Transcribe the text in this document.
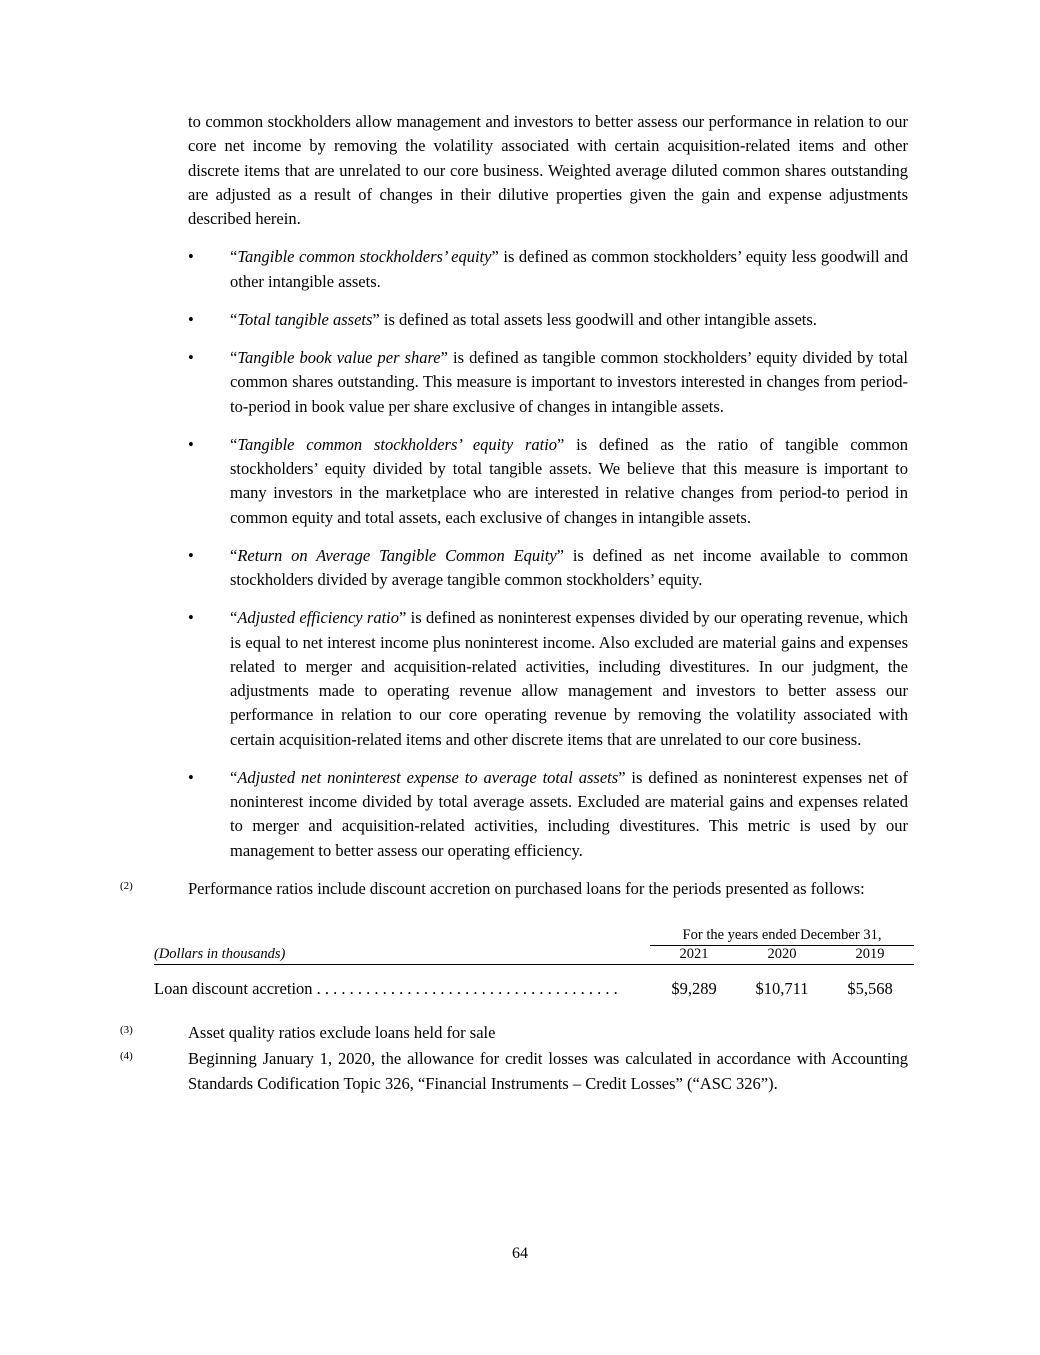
to common stockholders allow management and investors to better assess our performance in relation to our core net income by removing the volatility associated with certain acquisition-related items and other discrete items that are unrelated to our core business. Weighted average diluted common shares outstanding are adjusted as a result of changes in their dilutive properties given the gain and expense adjustments described herein.

• “Tangible common stockholders’ equity” is defined as common stockholders’ equity less goodwill and other intangible assets.
• “Total tangible assets” is defined as total assets less goodwill and other intangible assets.
• “Tangible book value per share” is defined as tangible common stockholders’ equity divided by total common shares outstanding. This measure is important to investors interested in changes from period-to-period in book value per share exclusive of changes in intangible assets.
• “Tangible common stockholders’ equity ratio” is defined as the ratio of tangible common stockholders’ equity divided by total tangible assets. We believe that this measure is important to many investors in the marketplace who are interested in relative changes from period-to period in common equity and total assets, each exclusive of changes in intangible assets.
• “Return on Average Tangible Common Equity” is defined as net income available to common stockholders divided by average tangible common stockholders’ equity.
• “Adjusted efficiency ratio” is defined as noninterest expenses divided by our operating revenue, which is equal to net interest income plus noninterest income. Also excluded are material gains and expenses related to merger and acquisition-related activities, including divestitures. In our judgment, the adjustments made to operating revenue allow management and investors to better assess our performance in relation to our core operating revenue by removing the volatility associated with certain acquisition-related items and other discrete items that are unrelated to our core business.
• “Adjusted net noninterest expense to average total assets” is defined as noninterest expenses net of noninterest income divided by total average assets. Excluded are material gains and expenses related to merger and acquisition-related activities, including divestitures. This metric is used by our management to better assess our operating efficiency.
(2)	Performance ratios include discount accretion on purchased loans for the periods presented as follows:
	For the years ended December 31,		
(Dollars in thousands)	2021	2020	2019

Loan discount accretion . . . . . . . . . . . . . . . . . . . . . . . . . . . . . . . . . . . . .	$9,289	$10,711	$5,568
(3)	Asset quality ratios exclude loans held for sale
(4)	Beginning January 1, 2020, the allowance for credit losses was calculated in accordance with Accounting Standards Codification Topic 326, “Financial Instruments – Credit Losses” (“ASC 326”).
64
